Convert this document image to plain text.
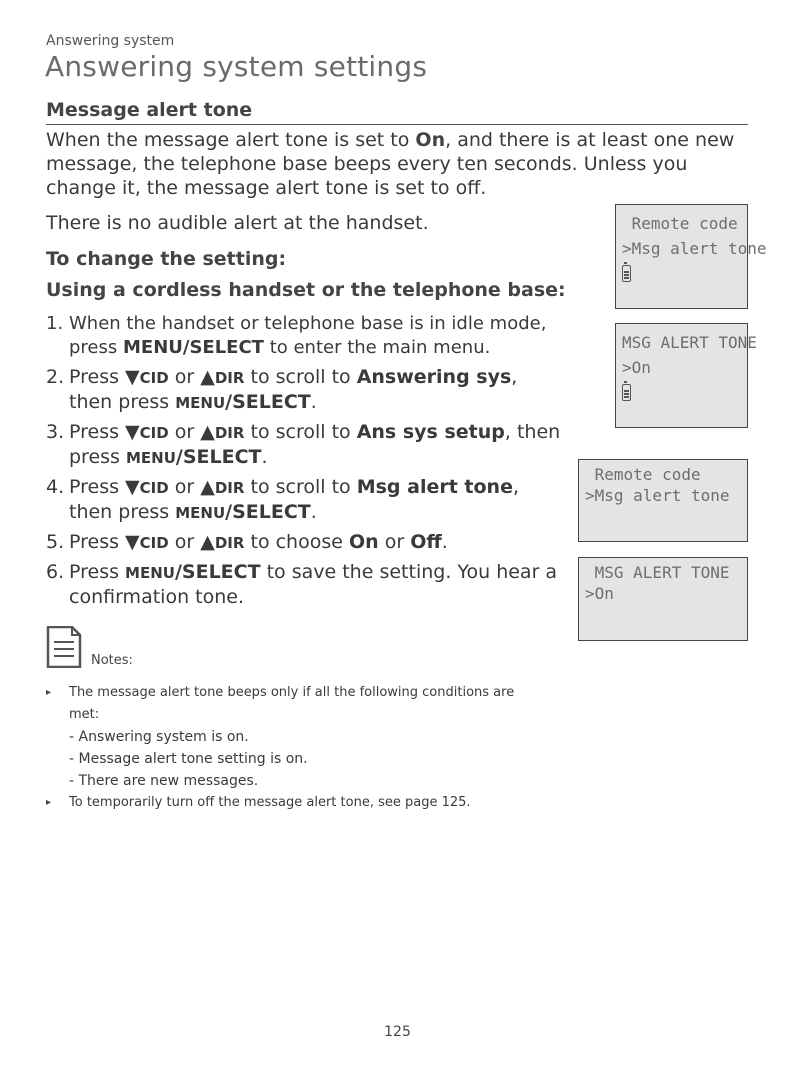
Answering system
Answering system settings
Message alert tone

When the message alert tone is set to On, and there is at least one new message, the telephone base beeps every ten seconds. Unless you change it, the message alert tone is set to off.

There is no audible alert at the handset.

To change the setting:

Using a cordless handset or the telephone base:

1. When the handset or telephone base is in idle mode, press MENU/SELECT to enter the main menu.
2. Press ▼CID or ▲DIR to scroll to Answering sys, then press MENU/SELECT.
3. Press ▼CID or ▲DIR to scroll to Ans sys setup, then press MENU/SELECT.
4. Press ▼CID or ▲DIR to scroll to Msg alert tone, then press MENU/SELECT.
5. Press ▼CID or ▲DIR to choose On or Off.
6. Press MENU/SELECT to save the setting. You hear a confirmation tone.
Remote code
>Msg alert tone

MSG ALERT TONE
>On

Remote code
>Msg alert tone
MSG ALERT TONE
>On
Notes:
▸ The message alert tone beeps only if all the following conditions are met:
- Answering system is on.
- Message alert tone setting is on.
- There are new messages.
▸ To temporarily turn off the message alert tone, see page 125.
125
